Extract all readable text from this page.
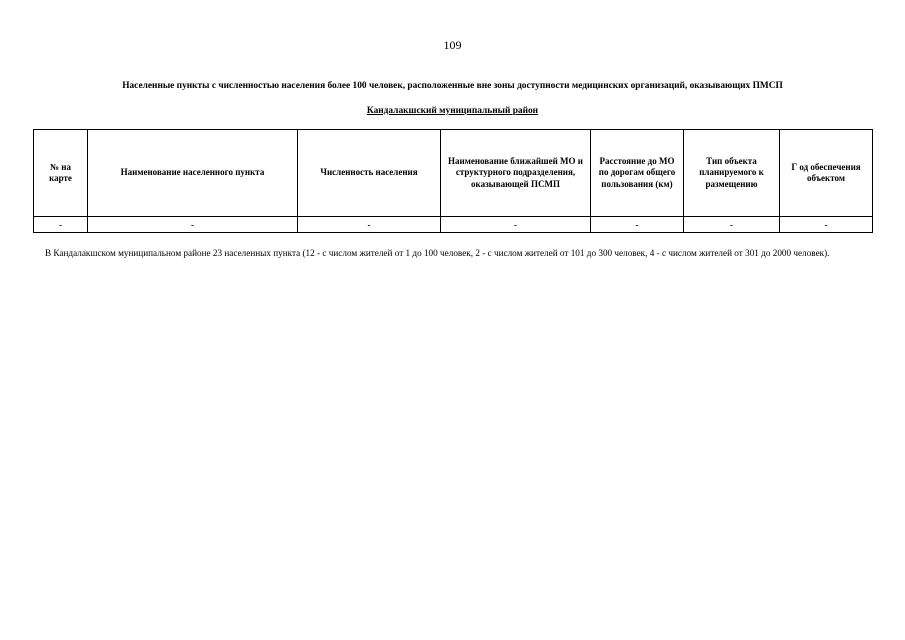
109
Населенные пункты с численностью населения более 100 человек, расположенные вне зоны доступности медицинских организаций, оказывающих ПМСП
Кандалакшский муниципальный район
№ на карте	Наименование населенного пункта	Численность населения	Наименование ближайшей МО и структурного подразделения, оказывающей ПСМП	Расстояние до МО по дорогам общего пользования (км)	Тип объекта планируемого к размещению	Г од обеспечения объектом
-	-	-	-	-	-	-
В Кандалакшском муниципальном районе 23 населенных пункта (12 - с числом жителей от 1 до 100 человек, 2 - с числом жителей от 101 до 300 человек, 4 - с числом жителей от 301 до 2000 человек).
